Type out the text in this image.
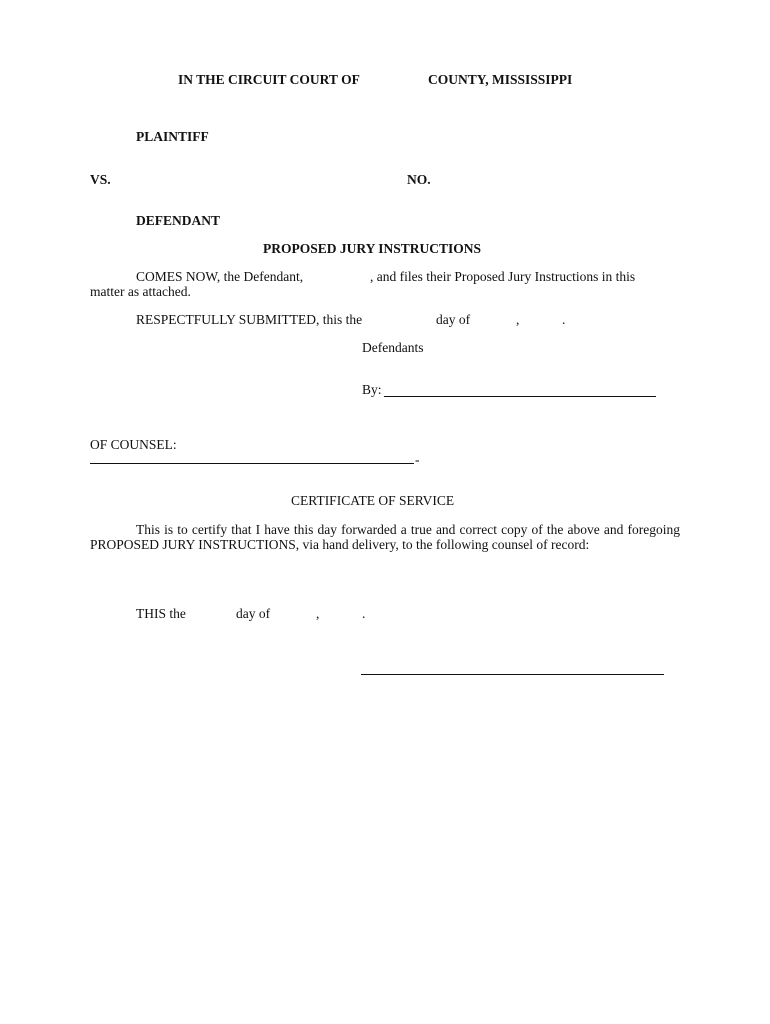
IN THE CIRCUIT COURT OF	COUNTY, MISSISSIPPI
PLAINTIFF
VS.	NO.
DEFENDANT
PROPOSED JURY INSTRUCTIONS
COMES NOW, the Defendant,	, and files their Proposed Jury Instructions in this
matter as attached.
RESPECTFULLY SUBMITTED, this the	day of	,	.
Defendants
By:
OF COUNSEL:
-
CERTIFICATE OF SERVICE
This is to certify that I have this day forwarded a true and correct copy of the above and foregoing PROPOSED JURY INSTRUCTIONS, via hand delivery, to the following counsel of record:
THIS the	day of	,	.
